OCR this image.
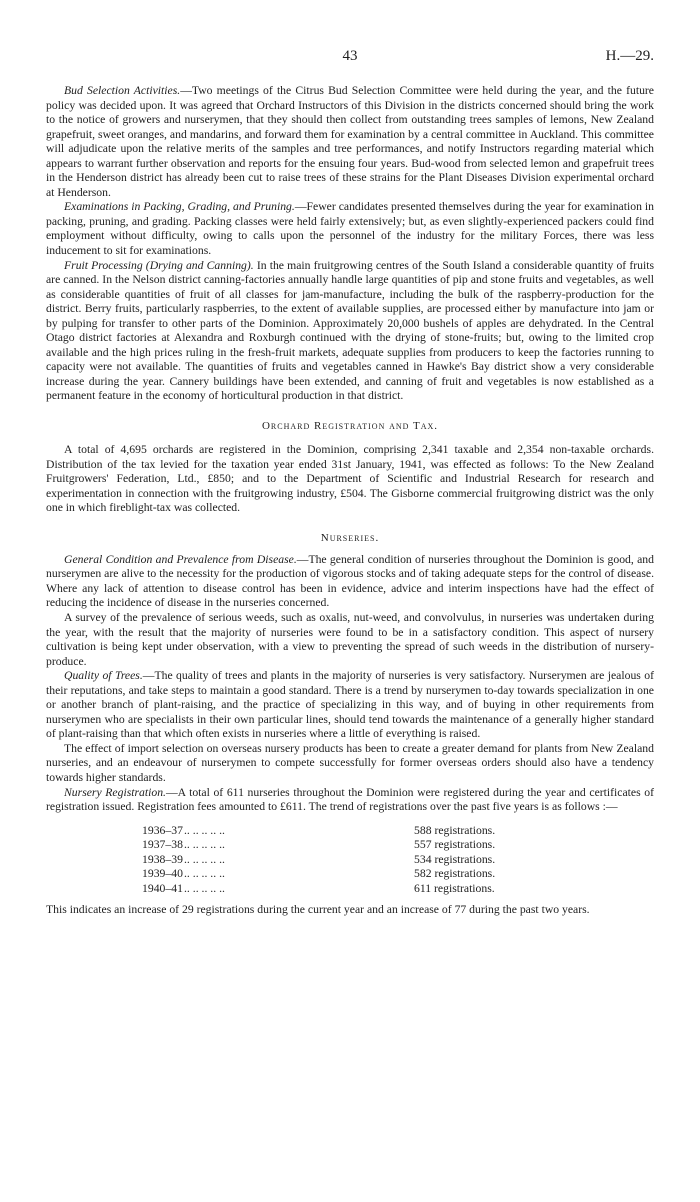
43	H.—29.

Bud Selection Activities.—Two meetings of the Citrus Bud Selection Committee were held during the year, and the future policy was decided upon. It was agreed that Orchard Instructors of this Division in the districts concerned should bring the work to the notice of growers and nurserymen, that they should then collect from outstanding trees samples of lemons, New Zealand grapefruit, sweet oranges, and mandarins, and forward them for examination by a central committee in Auckland. This committee will adjudicate upon the relative merits of the samples and tree performances, and notify Instructors regarding material which appears to warrant further observation and reports for the ensuing four years. Bud-wood from selected lemon and grapefruit trees in the Henderson district has already been cut to raise trees of these strains for the Plant Diseases Division experimental orchard at Henderson.

Examinations in Packing, Grading, and Pruning.—Fewer candidates presented themselves during the year for examination in packing, pruning, and grading. Packing classes were held fairly extensively; but, as even slightly-experienced packers could find employment without difficulty, owing to calls upon the personnel of the industry for the military Forces, there was less inducement to sit for examinations.

Fruit Processing (Drying and Canning). In the main fruitgrowing centres of the South Island a considerable quantity of fruits are canned. In the Nelson district canning-factories annually handle large quantities of pip and stone fruits and vegetables, as well as considerable quantities of fruit of all classes for jam-manufacture, including the bulk of the raspberry-production for the district. Berry fruits, particularly raspberries, to the extent of available supplies, are processed either by manufacture into jam or by pulping for transfer to other parts of the Dominion. Approximately 20,000 bushels of apples are dehydrated. In the Central Otago district factories at Alexandra and Roxburgh continued with the drying of stone-fruits; but, owing to the limited crop available and the high prices ruling in the fresh-fruit markets, adequate supplies from producers to keep the factories running to capacity were not available. The quantities of fruits and vegetables canned in Hawke's Bay district show a very considerable increase during the year. Cannery buildings have been extended, and canning of fruit and vegetables is now established as a permanent feature in the economy of horticultural production in that district.

Orchard Registration and Tax.

A total of 4,695 orchards are registered in the Dominion, comprising 2,341 taxable and 2,354 non-taxable orchards. Distribution of the tax levied for the taxation year ended 31st January, 1941, was effected as follows: To the New Zealand Fruitgrowers' Federation, Ltd., £850; and to the Department of Scientific and Industrial Research for research and experimentation in connection with the fruitgrowing industry, £504. The Gisborne commercial fruitgrowing district was the only one in which fireblight-tax was collected.

Nurseries.

General Condition and Prevalence from Disease.—The general condition of nurseries throughout the Dominion is good, and nurserymen are alive to the necessity for the production of vigorous stocks and of taking adequate steps for the control of disease. Where any lack of attention to disease control has been in evidence, advice and interim inspections have had the effect of reducing the incidence of disease in the nurseries concerned.

A survey of the prevalence of serious weeds, such as oxalis, nut-weed, and convolvulus, in nurseries was undertaken during the year, with the result that the majority of nurseries were found to be in a satisfactory condition. This aspect of nursery cultivation is being kept under observation, with a view to preventing the spread of such weeds in the distribution of nursery-produce.

Quality of Trees.—The quality of trees and plants in the majority of nurseries is very satisfactory. Nurserymen are jealous of their reputations, and take steps to maintain a good standard. There is a trend by nurserymen to-day towards specialization in one or another branch of plant-raising, and the practice of specializing in this way, and of buying in other requirements from nurserymen who are specialists in their own particular lines, should tend towards the maintenance of a generally higher standard of plant-raising than that which often exists in nurseries where a little of everything is raised.

The effect of import selection on overseas nursery products has been to create a greater demand for plants from New Zealand nurseries, and an endeavour of nurserymen to compete successfully for former overseas orders should also have a tendency towards higher standards.

Nursery Registration.—A total of 611 nurseries throughout the Dominion were registered during the year and certificates of registration issued. Registration fees amounted to £611. The trend of registrations over the past five years is as follows :—

1936–37	.. .. .. .. ..	588 registrations.
1937–38	.. .. .. .. ..	557 registrations.
1938–39	.. .. .. .. ..	534 registrations.
1939–40	.. .. .. .. ..	582 registrations.
1940–41	.. .. .. .. ..	611 registrations.

This indicates an increase of 29 registrations during the current year and an increase of 77 during the past two years.
